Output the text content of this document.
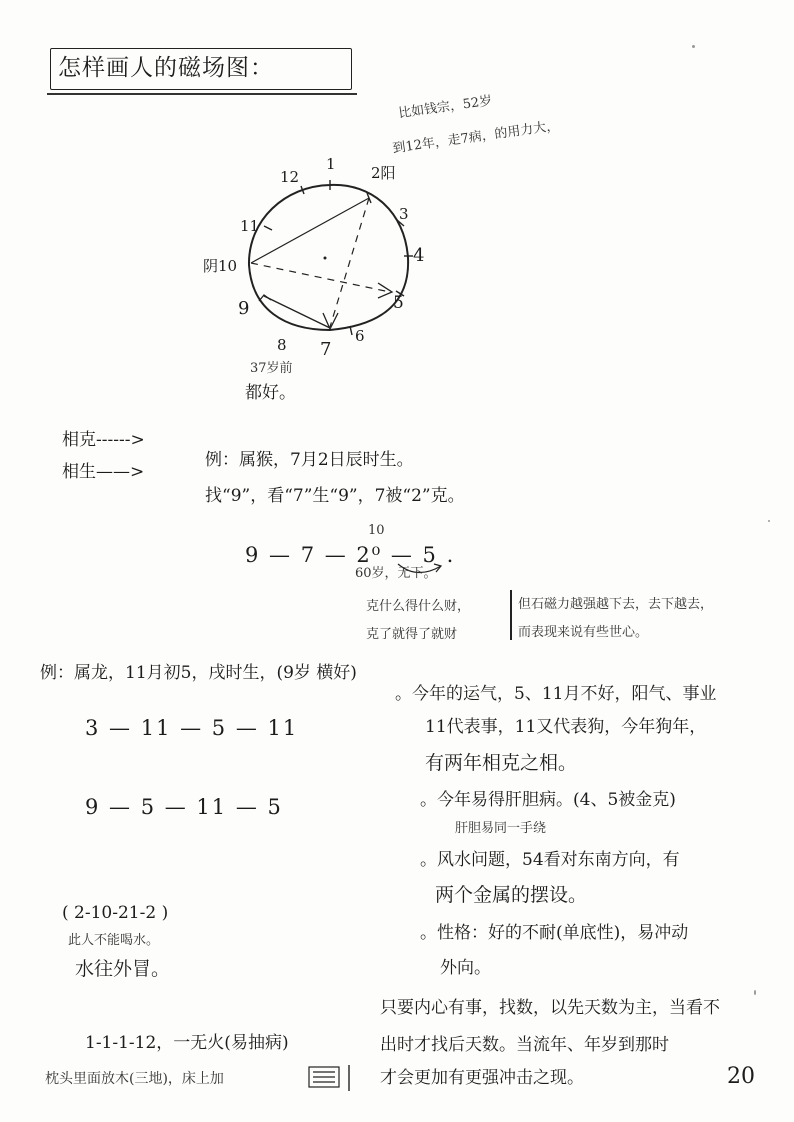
怎样画人的磁场图：
比如钱宗，52岁
到12年，走7病，的用力大，
12
1 2阳
3
4
5
6
7
8
9
阴10
11
37岁前
都好。
相克------>
相生——>
例：属猴，7月2日辰时生。
找“9”，看“7”生“9”，7被“2”克。
9 — 7 — 2⁰ — 5 .
10
60岁，无下。
克什么得什么财，
克了就得了就财
但石磁力越强越下去，去下越去，
而表现来说有些世心。
例：属龙，11月初5，戌时生，(9岁 横好)
3 — 11 — 5 — 11
9 — 5 — 11 — 5
。今年的运气，5、11月不好，阳气、事业
11代表事，11又代表狗，今年狗年，
有两年相克之相。
。今年易得肝胆病。(4、5被金克)
肝胆易同一手绕
。风水问题，54看对东南方向，有
两个金属的摆设。
。性格：好的不耐(单底性)，易冲动
外向。
( 2-10-21-2 )
此人不能喝水。
水往外冒。
1-1-1-12，一无火(易抽病)
枕头里面放木(三地)，床上加
只要内心有事，找数，以先天数为主，当看不
出时才找后天数。当流年、年岁到那时
才会更加有更强冲击之现。	20
